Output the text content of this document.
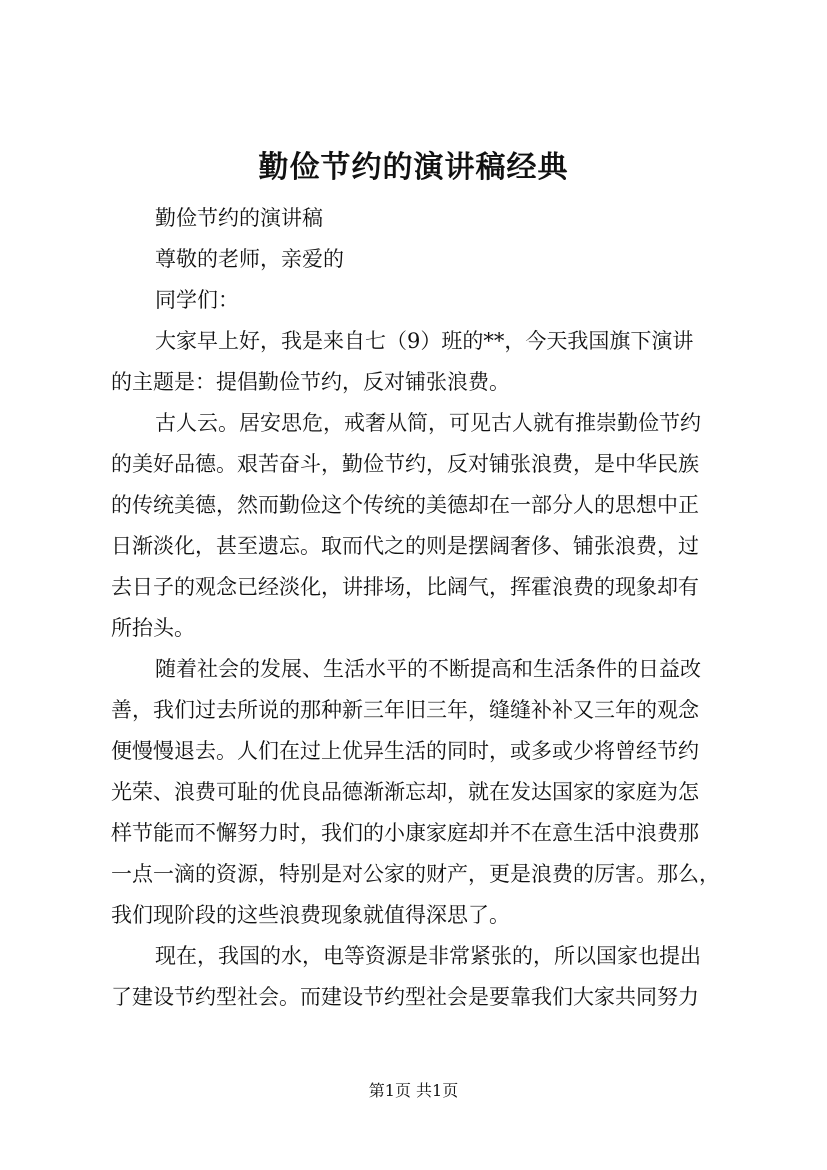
勤俭节约的演讲稿经典
勤俭节约的演讲稿
尊敬的老师，亲爱的
同学们：
大家早上好，我是来自七（9）班的**，今天我国旗下演讲
的主题是：提倡勤俭节约，反对铺张浪费。
古人云。居安思危，戒奢从简，可见古人就有推崇勤俭节约
的美好品德。艰苦奋斗，勤俭节约，反对铺张浪费，是中华民族
的传统美德，然而勤俭这个传统的美德却在一部分人的思想中正
日渐淡化，甚至遗忘。取而代之的则是摆阔奢侈、铺张浪费，过
去日子的观念已经淡化，讲排场，比阔气，挥霍浪费的现象却有
所抬头。
随着社会的发展、生活水平的不断提高和生活条件的日益改
善，我们过去所说的那种新三年旧三年，缝缝补补又三年的观念
便慢慢退去。人们在过上优异生活的同时，或多或少将曾经节约
光荣、浪费可耻的优良品德渐渐忘却，就在发达国家的家庭为怎
样节能而不懈努力时，我们的小康家庭却并不在意生活中浪费那
一点一滴的资源，特别是对公家的财产，更是浪费的厉害。那么，
我们现阶段的这些浪费现象就值得深思了。
现在，我国的水，电等资源是非常紧张的，所以国家也提出
了建设节约型社会。而建设节约型社会是要靠我们大家共同努力
第1页 共1页
